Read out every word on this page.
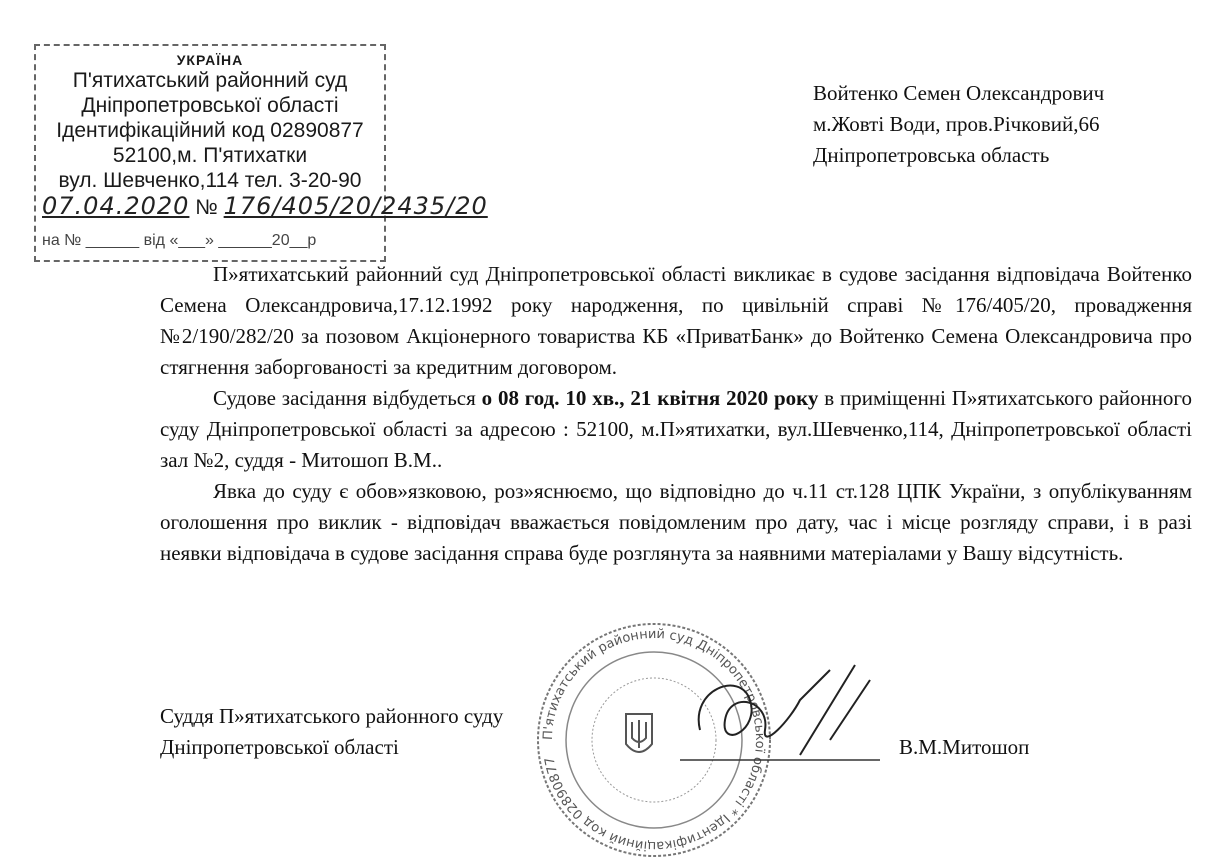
УКРАЇНА
П'ятихатський районний суд
Дніпропетровської області
Ідентифікаційний код 02890877
52100,м. П'ятихатки
вул. Шевченко,114 тел. 3-20-90
07.04.2020 № 176/405/20/2435/20
на № ______ від «___» ______20__р
Войтенко Семен Олександрович
м.Жовті Води, пров.Річковий,66
Дніпропетровська область

П»ятихатський районний суд Дніпропетровської області викликає в судове засідання відповідача Войтенко Семена Олександровича,17.12.1992 року народження, по цивільній справі №176/405/20, провадження №2/190/282/20 за позовом Акціонерного товариства КБ «ПриватБанк» до Войтенко Семена Олександровича про стягнення заборгованості за кредитним договором.

Судове засідання відбудеться о 08 год. 10 хв., 21 квітня 2020 року в приміщенні П»ятихатського районного суду Дніпропетровської області за адресою : 52100, м.П»ятихатки, вул.Шевченко,114, Дніпропетровської області зал №2, суддя - Митошоп В.М..

Явка до суду є обов»язковою, роз»яснюємо, що відповідно до ч.11 ст.128 ЦПК України, з опублікуванням оголошення про виклик - відповідач вважається повідомленим про дату, час і місце розгляду справи, і в разі неявки відповідача в судове засідання справа буде розглянута за наявними матеріалами у Вашу відсутність.

Суддя П»ятихатського районного суду
Дніпропетровської області	В.М.Митошоп
П'ятихатський районний суд Дніпропетровської області * Ідентифікаційний код 02890877
